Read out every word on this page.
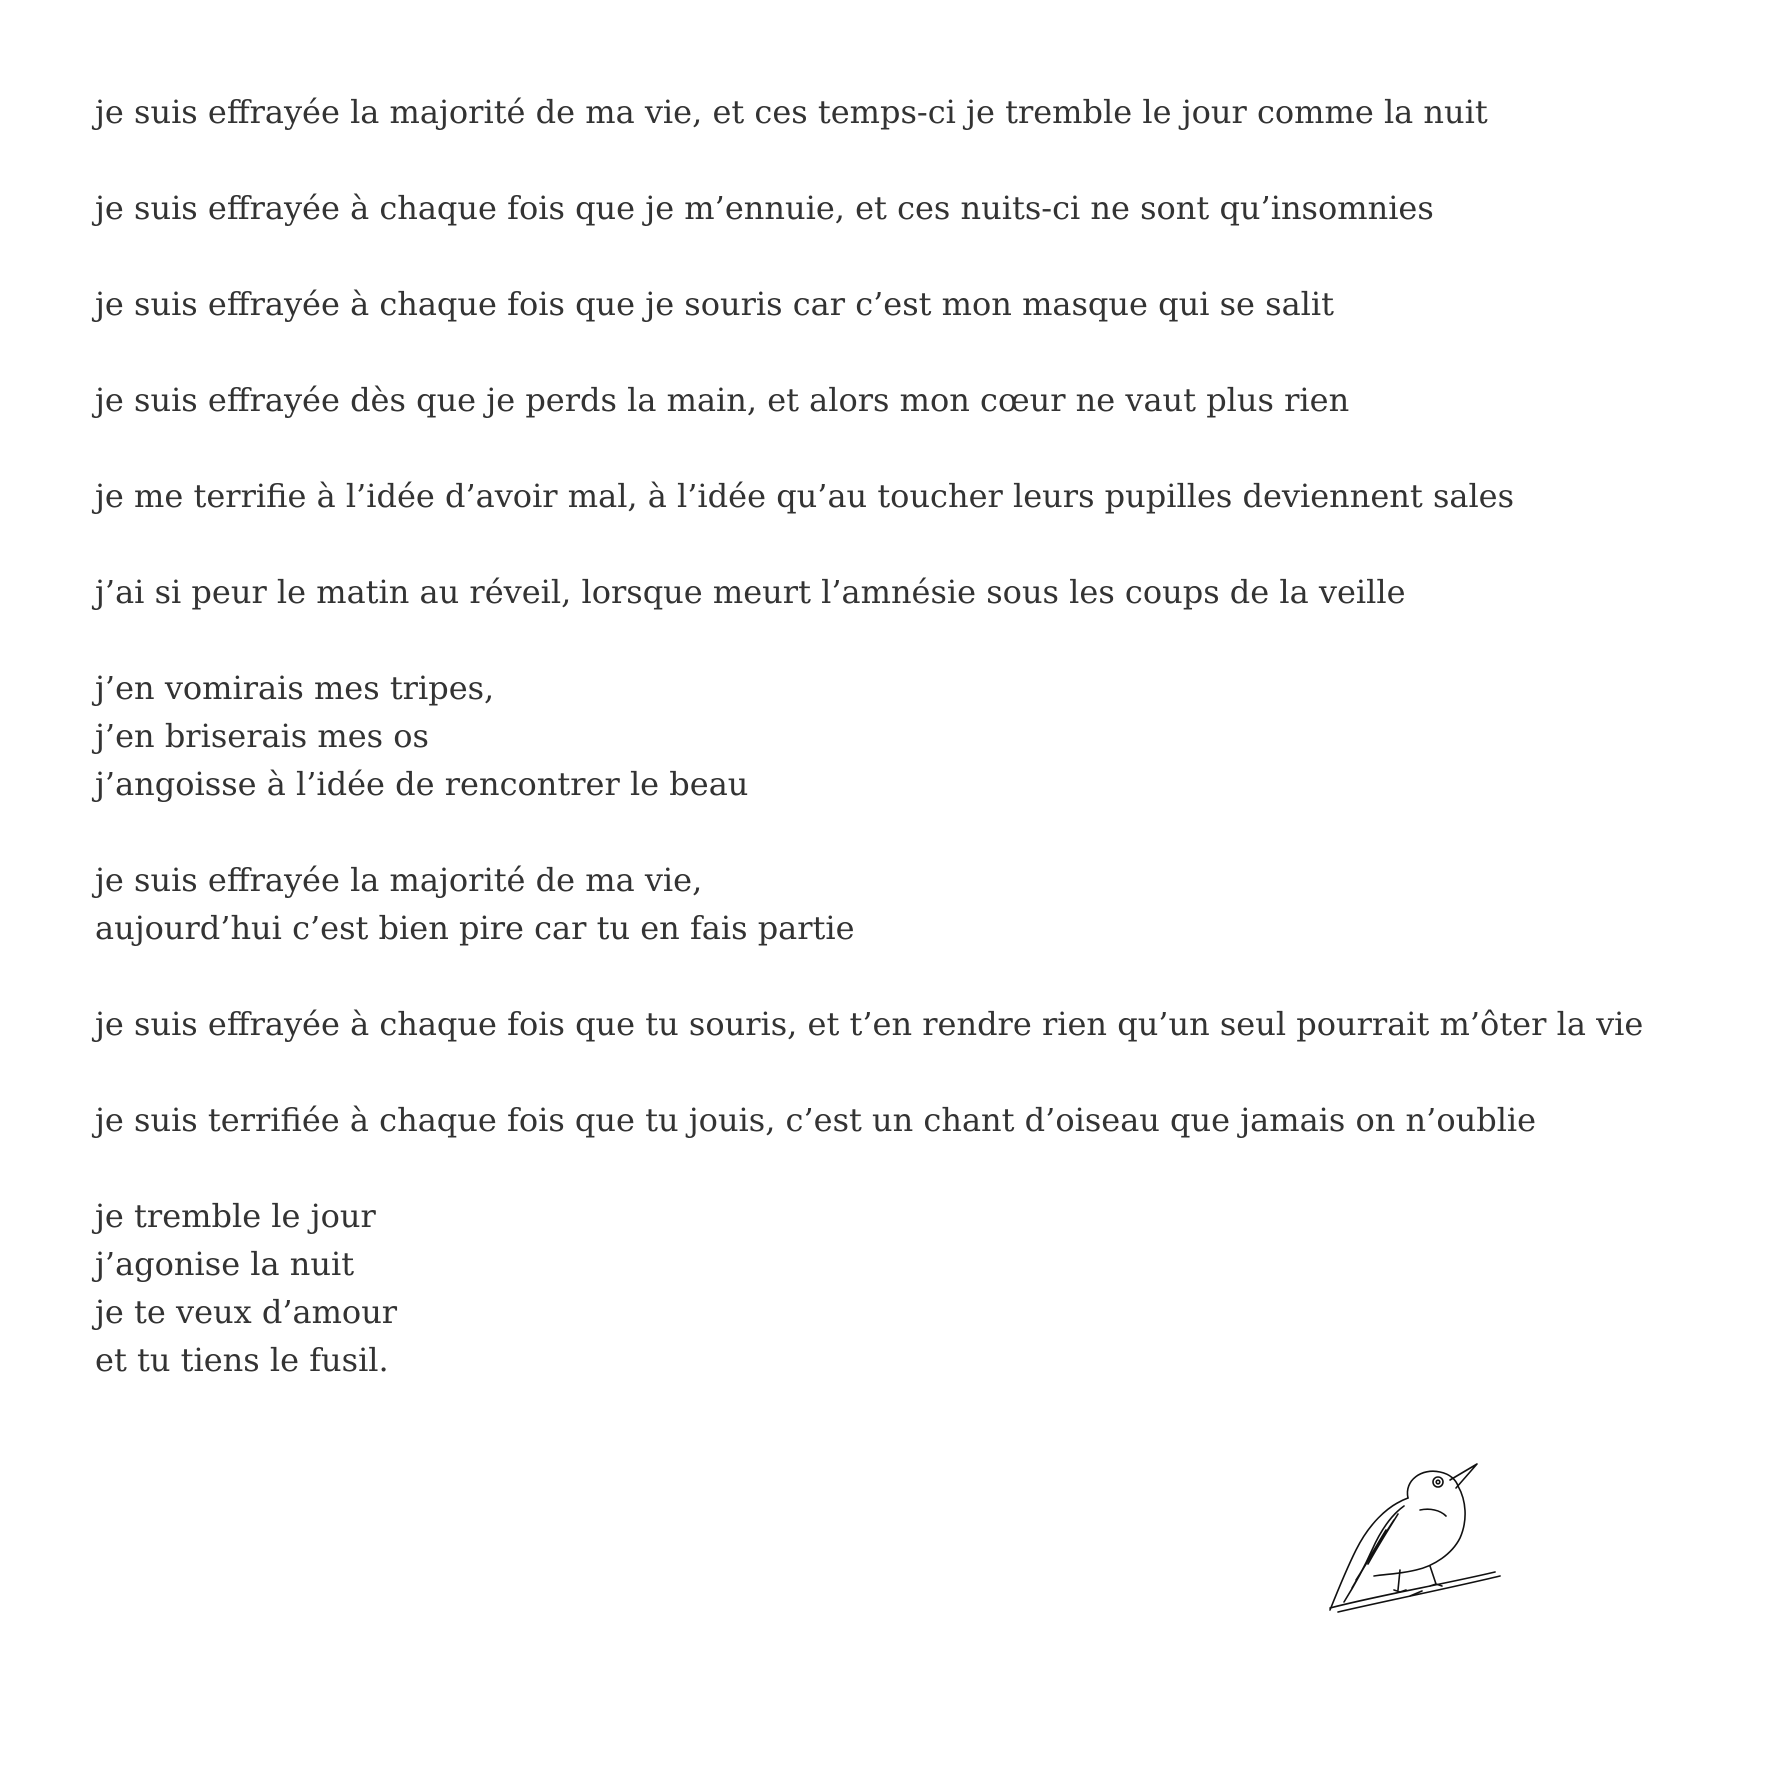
je suis effrayée la majorité de ma vie, et ces temps-ci je tremble le jour comme la nuit
je suis effrayée à chaque fois que je m’ennuie, et ces nuits-ci ne sont qu’insomnies
je suis effrayée à chaque fois que je souris car c’est mon masque qui se salit
je suis effrayée dès que je perds la main, et alors mon cœur ne vaut plus rien
je me terrifie à l’idée d’avoir mal, à l’idée qu’au toucher leurs pupilles deviennent sales
j’ai si peur le matin au réveil, lorsque meurt l’amnésie sous les coups de la veille
j’en vomirais mes tripes,
j’en briserais mes os
j’angoisse à l’idée de rencontrer le beau
je suis effrayée la majorité de ma vie,
aujourd’hui c’est bien pire car tu en fais partie
je suis effrayée à chaque fois que tu souris, et t’en rendre rien qu’un seul pourrait m’ôter la vie
je suis terrifiée à chaque fois que tu jouis, c’est un chant d’oiseau que jamais on n’oublie
je tremble le jour
j’agonise la nuit
je te veux d’amour
et tu tiens le fusil.
